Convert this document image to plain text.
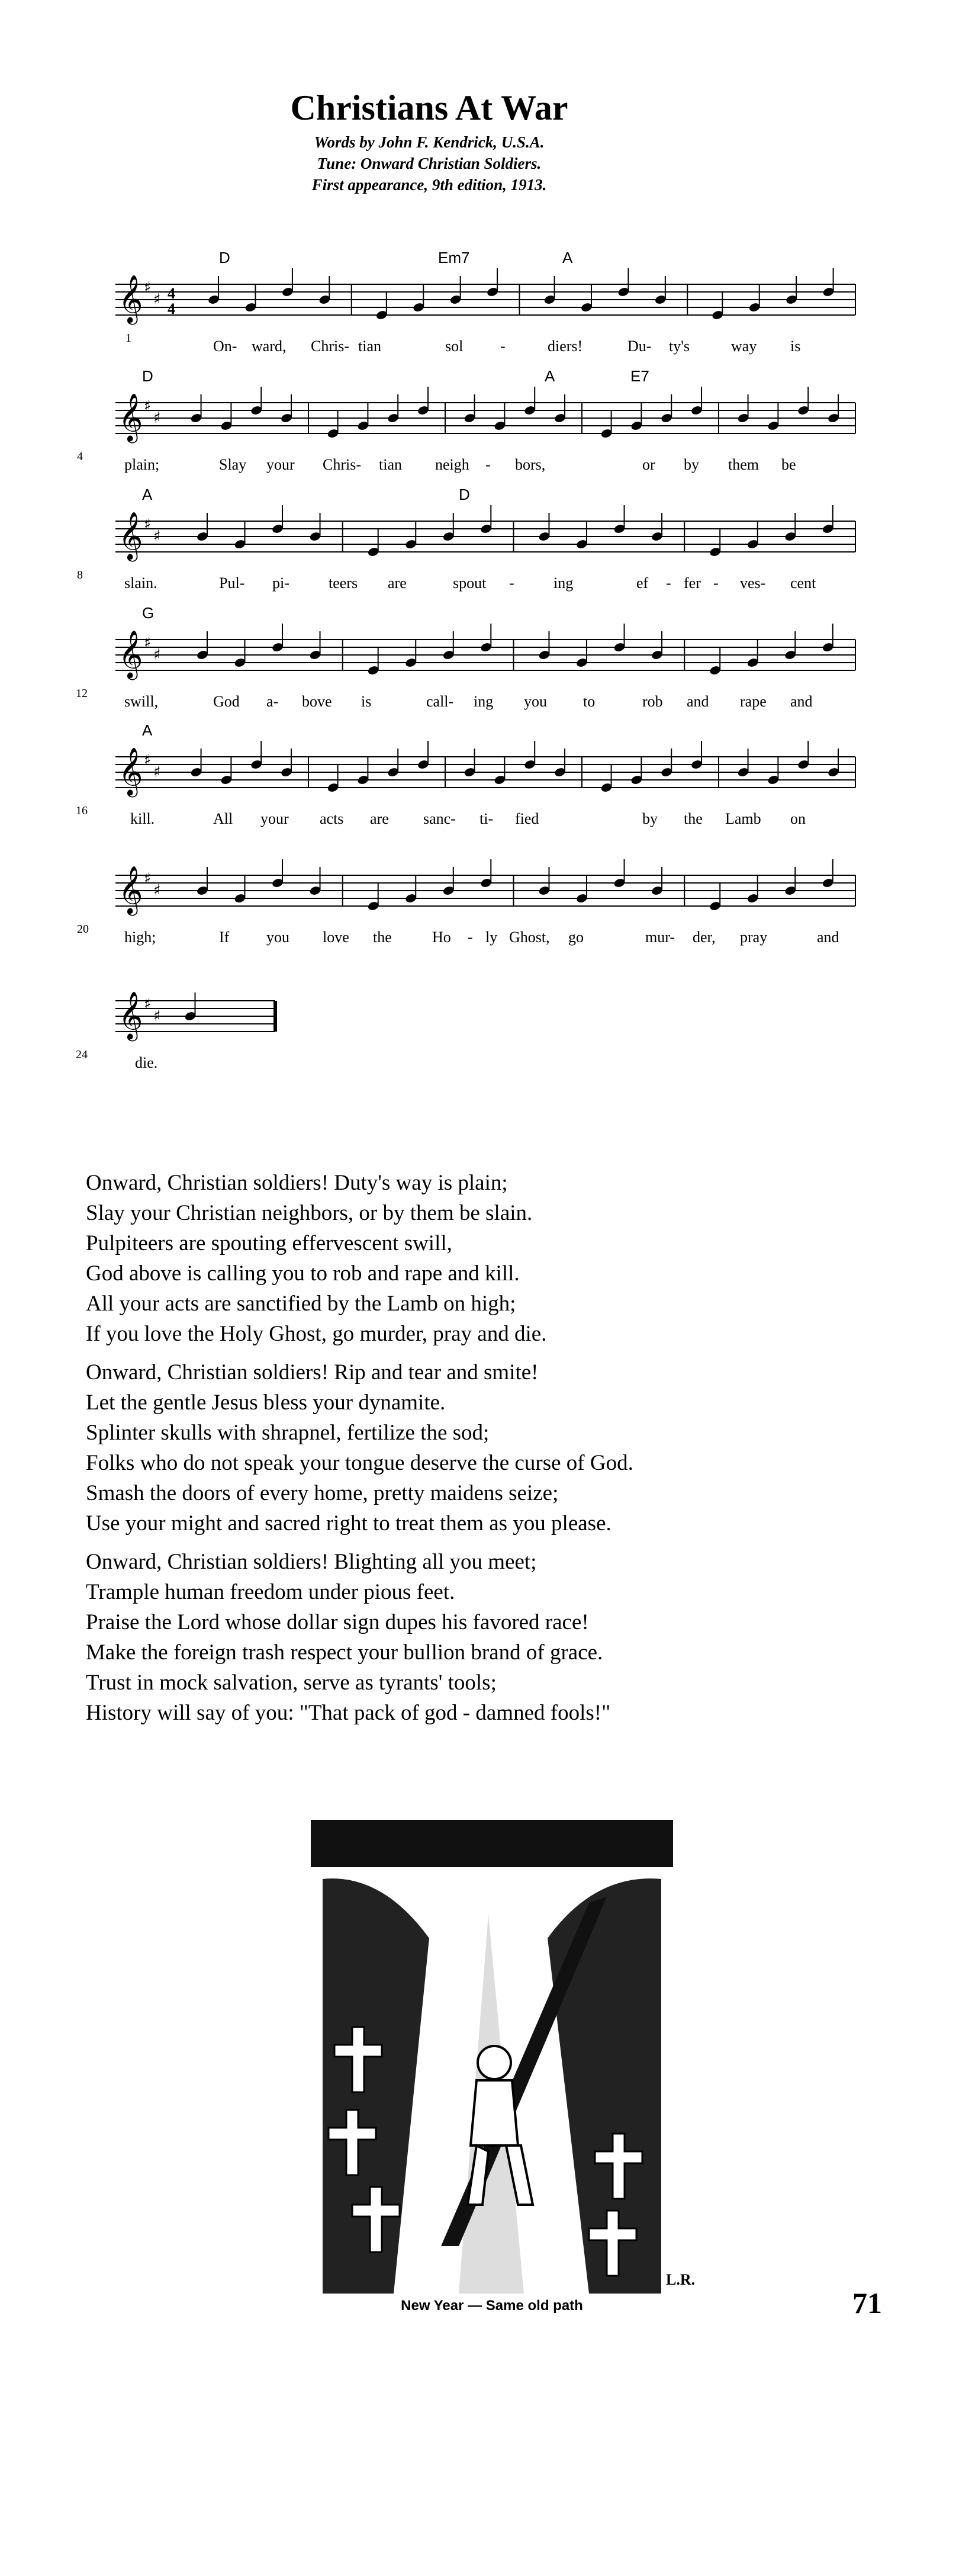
Christians At War
Words by John F. Kendrick, U.S.A.
Tune: Onward Christian Soldiers.
First appearance, 9th edition, 1913.
D	Em7	A
𝄞 ♯
♯ 4
4
1	On- ward, Chris- tian	sol -	diers!	Du- ty's	way is
D	A	E7
𝄞 ♯
♯
4	plain;	Slay your Chris- tian neigh - bors,	or by them be
A	D
𝄞 ♯
♯
8	slain.	Pul- pi-	teers are	spout -	ing	ef - fer - ves- cent
G
𝄞 ♯
♯
12 swill,	God a- bove is	call- ing you to	rob and rape and
A
𝄞 ♯
♯
16	kill.	All your acts are sanc- ti- fied	by the Lamb on
𝄞 ♯
♯
20 high;	If you love the	Ho - ly Ghost, go	mur- der, pray	and
𝄞 ♯
♯
24	die.
Onward, Christian soldiers! Duty's way is plain;
Slay your Christian neighbors, or by them be slain.
Pulpiteers are spouting effervescent swill,
God above is calling you to rob and rape and kill.
All your acts are sanctified by the Lamb on high;
If you love the Holy Ghost, go murder, pray and die.
Onward, Christian soldiers! Rip and tear and smite!
Let the gentle Jesus bless your dynamite.
Splinter skulls with shrapnel, fertilize the sod;
Folks who do not speak your tongue deserve the curse of God.
Smash the doors of every home, pretty maidens seize;
Use your might and sacred right to treat them as you please.
Onward, Christian soldiers! Blighting all you meet;
Trample human freedom under pious feet.
Praise the Lord whose dollar sign dupes his favored race!
Make the foreign trash respect your bullion brand of grace.
Trust in mock salvation, serve as tyrants' tools;
History will say of you: "That pack of god - damned fools!"
L.R.
New Year — Same old path	71
